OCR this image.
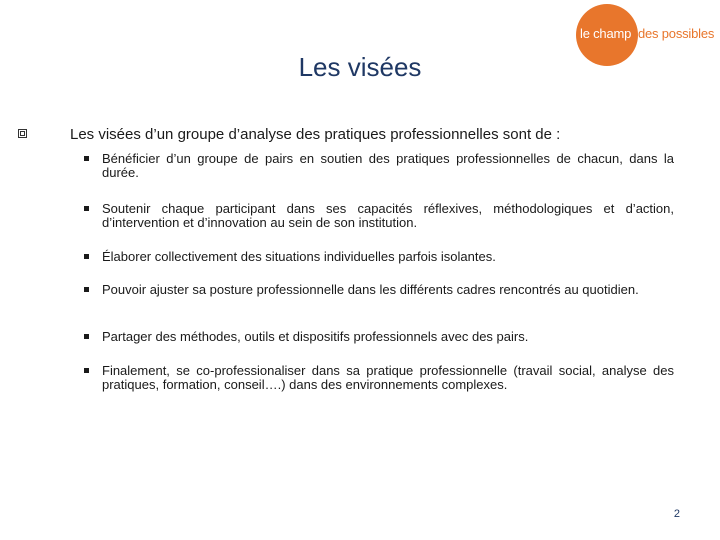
le champ des possibles
Les visées
Les visées d’un groupe d’analyse des pratiques professionnelles sont de :
Bénéficier d’un groupe de pairs en soutien des pratiques professionnelles de chacun, dans la durée.
Soutenir chaque participant dans ses capacités réflexives, méthodologiques et d’action, d’intervention et d’innovation au sein de son institution.
Élaborer collectivement des situations individuelles parfois isolantes.
Pouvoir ajuster sa posture professionnelle dans les différents cadres rencontrés au quotidien.
Partager des méthodes, outils et dispositifs professionnels avec des pairs.
Finalement, se co-professionaliser dans sa pratique professionnelle (travail social, analyse des pratiques, formation, conseil….) dans des environnements complexes.
2
